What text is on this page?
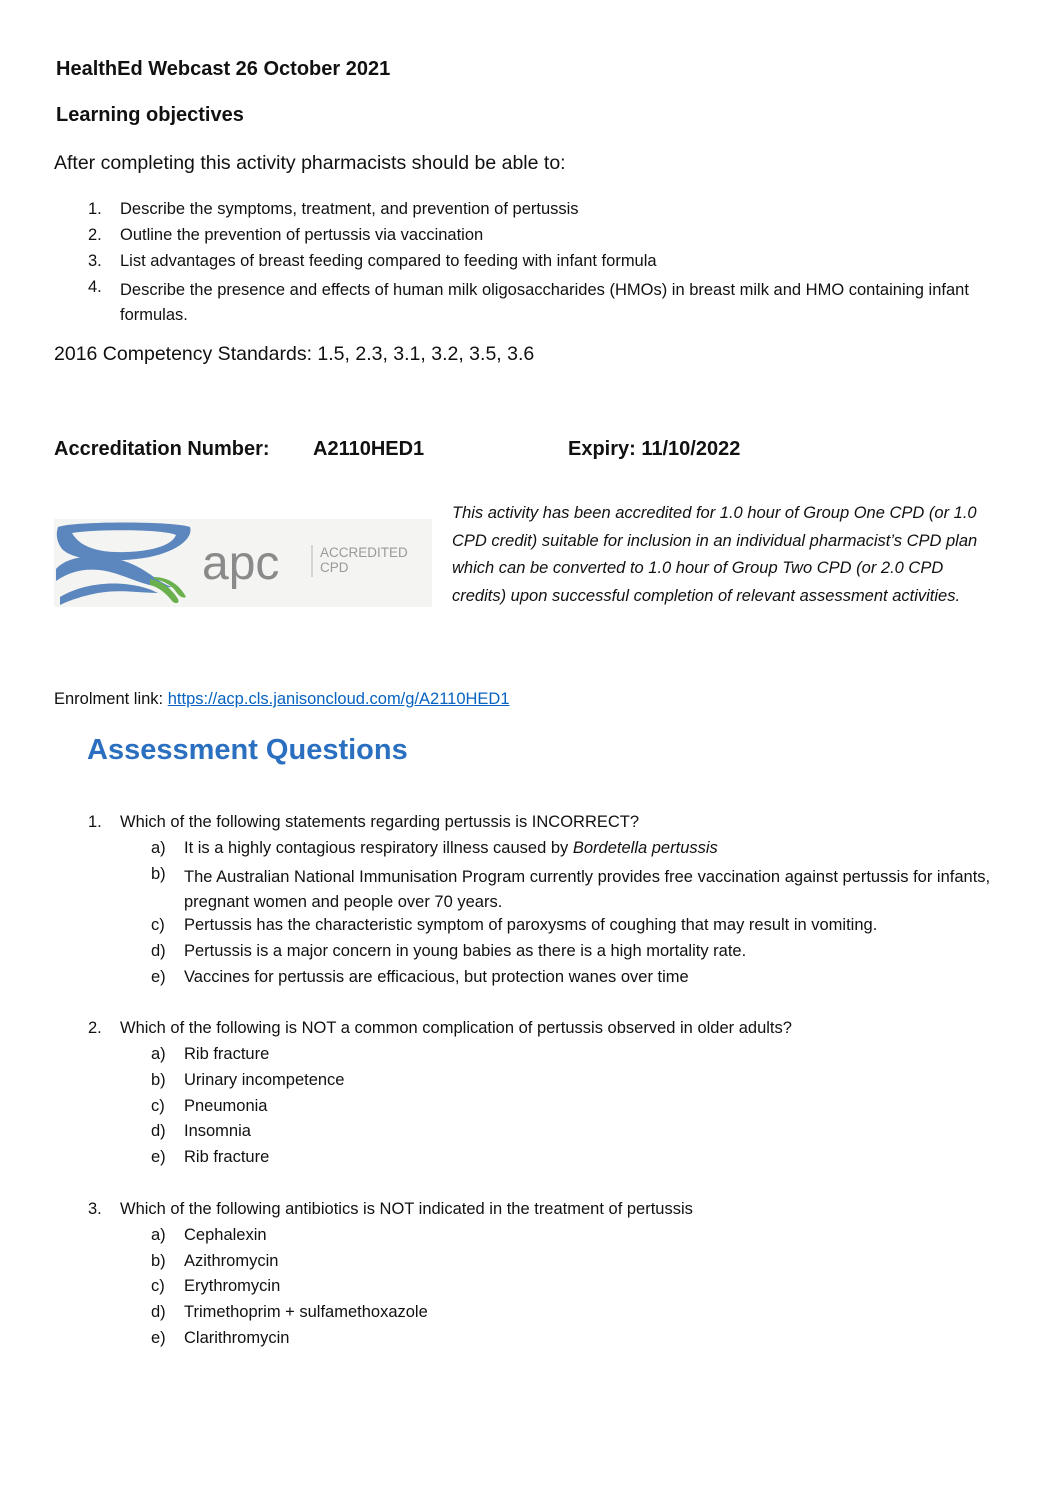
HealthEd Webcast 26 October 2021
Learning objectives
After completing this activity pharmacists should be able to:
1. Describe the symptoms, treatment, and prevention of pertussis
2. Outline the prevention of pertussis via vaccination
3. List advantages of breast feeding compared to feeding with infant formula
4. Describe the presence and effects of human milk oligosaccharides (HMOs) in breast milk and HMO containing infant formulas.
2016 Competency Standards: 1.5, 2.3, 3.1, 3.2, 3.5, 3.6
Accreditation Number: A2110HED1	Expiry: 11/10/2022
apc	ACCREDITED
CPD
This activity has been accredited for 1.0 hour of Group One CPD (or 1.0 CPD credit) suitable for inclusion in an individual pharmacist’s CPD plan which can be converted to 1.0 hour of Group Two CPD (or 2.0 CPD credits) upon successful completion of relevant assessment activities.
Enrolment link: https://acp.cls.janisoncloud.com/g/A2110HED1
Assessment Questions
1. Which of the following statements regarding pertussis is INCORRECT?
a) It is a highly contagious respiratory illness caused by Bordetella pertussis
b) The Australian National Immunisation Program currently provides free vaccination against pertussis for infants, pregnant women and people over 70 years.
c) Pertussis has the characteristic symptom of paroxysms of coughing that may result in vomiting.
d) Pertussis is a major concern in young babies as there is a high mortality rate.
e) Vaccines for pertussis are efficacious, but protection wanes over time
2. Which of the following is NOT a common complication of pertussis observed in older adults?
a) Rib fracture
b) Urinary incompetence
c) Pneumonia
d) Insomnia
e) Rib fracture
3. Which of the following antibiotics is NOT indicated in the treatment of pertussis
a) Cephalexin
b) Azithromycin
c) Erythromycin
d) Trimethoprim + sulfamethoxazole
e) Clarithromycin
